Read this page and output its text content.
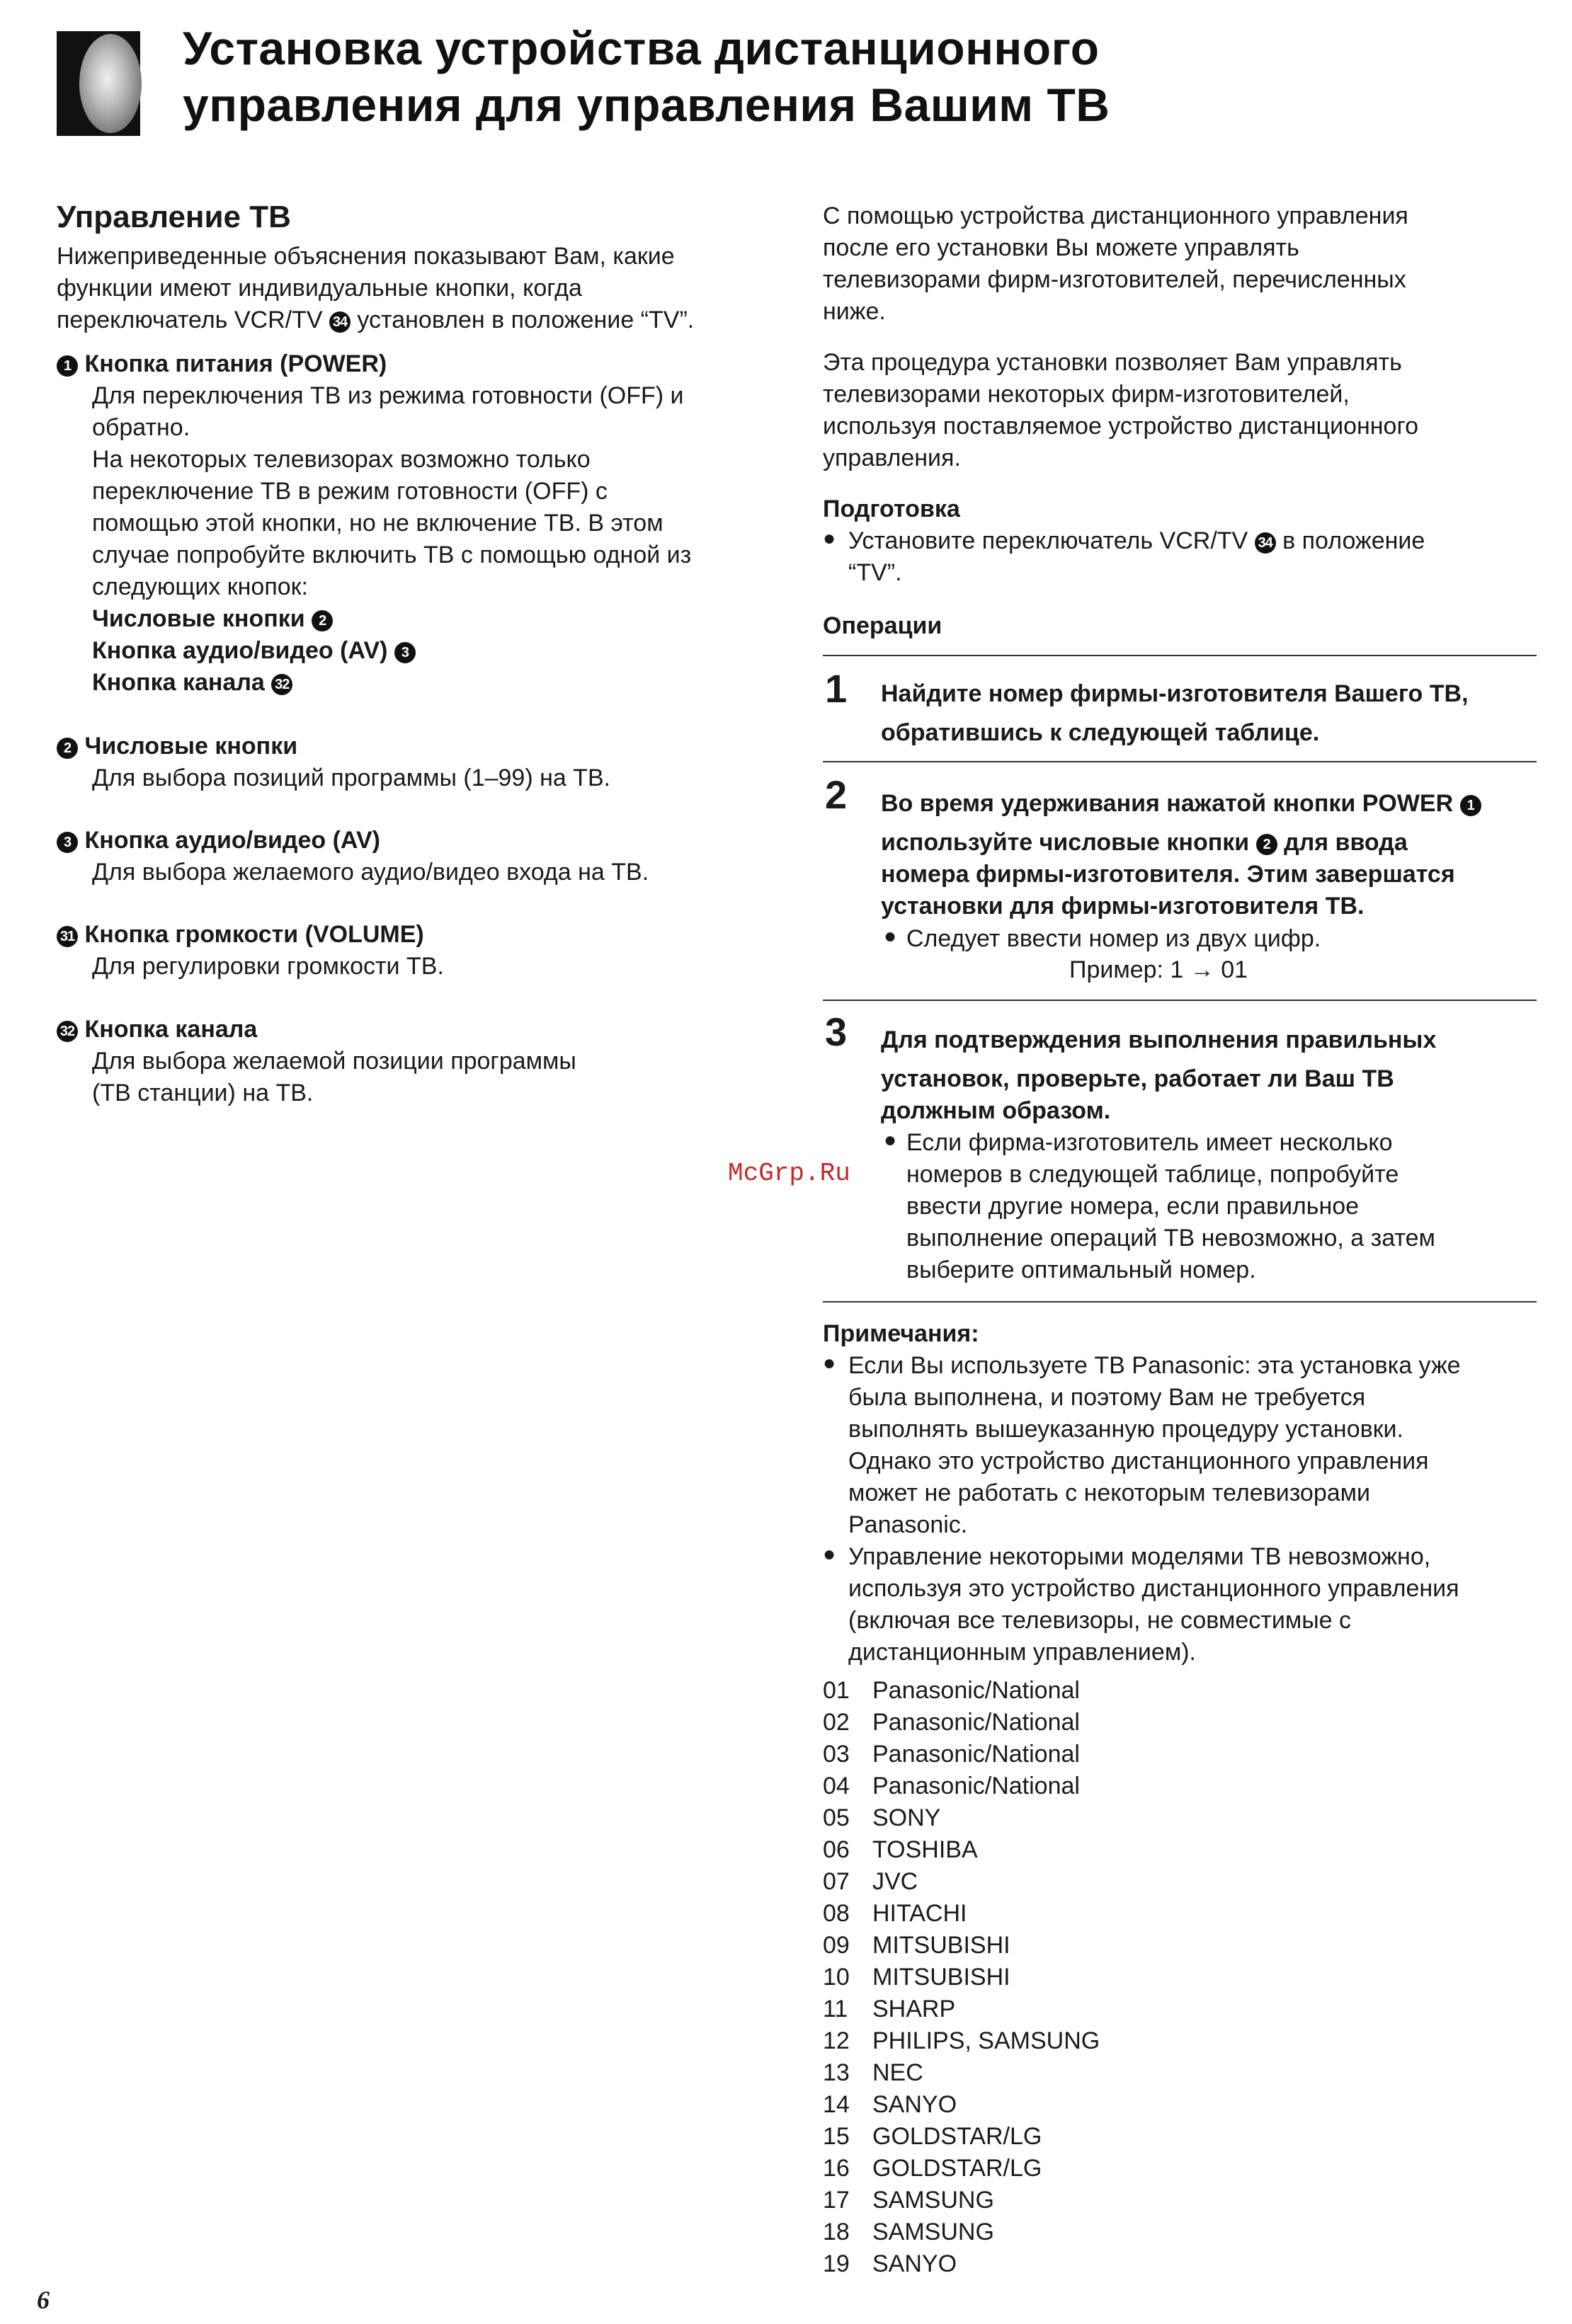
Установка устройства дистанционного
управления для управления Вашим ТВ
Управление ТВ
Нижеприведенные объяснения показывают Вам, какие
функции имеют индивидуальные кнопки, когда
переключатель VCR/TV 34 установлен в положение “TV”.
1 Кнопка питания (POWER)
Для переключения ТВ из режима готовности (OFF) и
обратно.
На некоторых телевизорах возможно только
переключение ТВ в режим готовности (OFF) с
помощью этой кнопки, но не включение ТВ. В этом
случае попробуйте включить ТВ с помощью одной из
следующих кнопок:
Числовые кнопки 2
Кнопка аудио/видео (AV) 3
Кнопка канала 32
2 Числовые кнопки
Для выбора позиций программы (1–99) на ТВ.
3 Кнопка аудио/видео (AV)
Для выбора желаемого аудио/видео входа на ТВ.
31 Кнопка громкости (VOLUME)
Для регулировки громкости ТВ.
32 Кнопка канала
Для выбора желаемой позиции программы
(ТВ станции) на ТВ.
С помощью устройства дистанционного управления
после его установки Вы можете управлять
телевизорами фирм-изготовителей, перечисленных
ниже.
Эта процедура установки позволяет Вам управлять
телевизорами некоторых фирм-изготовителей,
используя поставляемое устройство дистанционного
управления.
Подготовка
● Установите переключатель VCR/TV 34 в положение
“TV”.
Операции
1 Найдите номер фирмы-изготовителя Вашего ТВ,
обратившись к следующей таблице.
2 Во время удерживания нажатой кнопки POWER 1
используйте числовые кнопки 2 для ввода
номера фирмы-изготовителя. Этим завершатся
установки для фирмы-изготовителя ТВ.
● Следует ввести номер из двух цифр.
Пример: 1 → 01
3 Для подтверждения выполнения правильных
установок, проверьте, работает ли Ваш ТВ
должным образом.
● Если фирма-изготовитель имеет несколько
номеров в следующей таблице, попробуйте
ввести другие номера, если правильное
выполнение операций ТВ невозможно, а затем
выберите оптимальный номер.
McGrp.Ru
Примечания:
● Если Вы используете ТВ Panasonic: эта установка уже
была выполнена, и поэтому Вам не требуется
выполнять вышеуказанную процедуру установки.
Однако это устройство дистанционного управления
может не работать с некоторым телевизорами
Panasonic.
● Управление некоторыми моделями ТВ невозможно,
используя это устройство дистанционного управления
(включая все телевизоры, не совместимые с
дистанционным управлением).
01 Panasonic/National
02 Panasonic/National
03 Panasonic/National
04 Panasonic/National
05 SONY
06 TOSHIBA
07 JVC
08 HITACHI
09 MITSUBISHI
10 MITSUBISHI
11 SHARP
12 PHILIPS, SAMSUNG
13 NEC
14 SANYO
15 GOLDSTAR/LG
16 GOLDSTAR/LG
17 SAMSUNG
18 SAMSUNG
19 SANYO
6
